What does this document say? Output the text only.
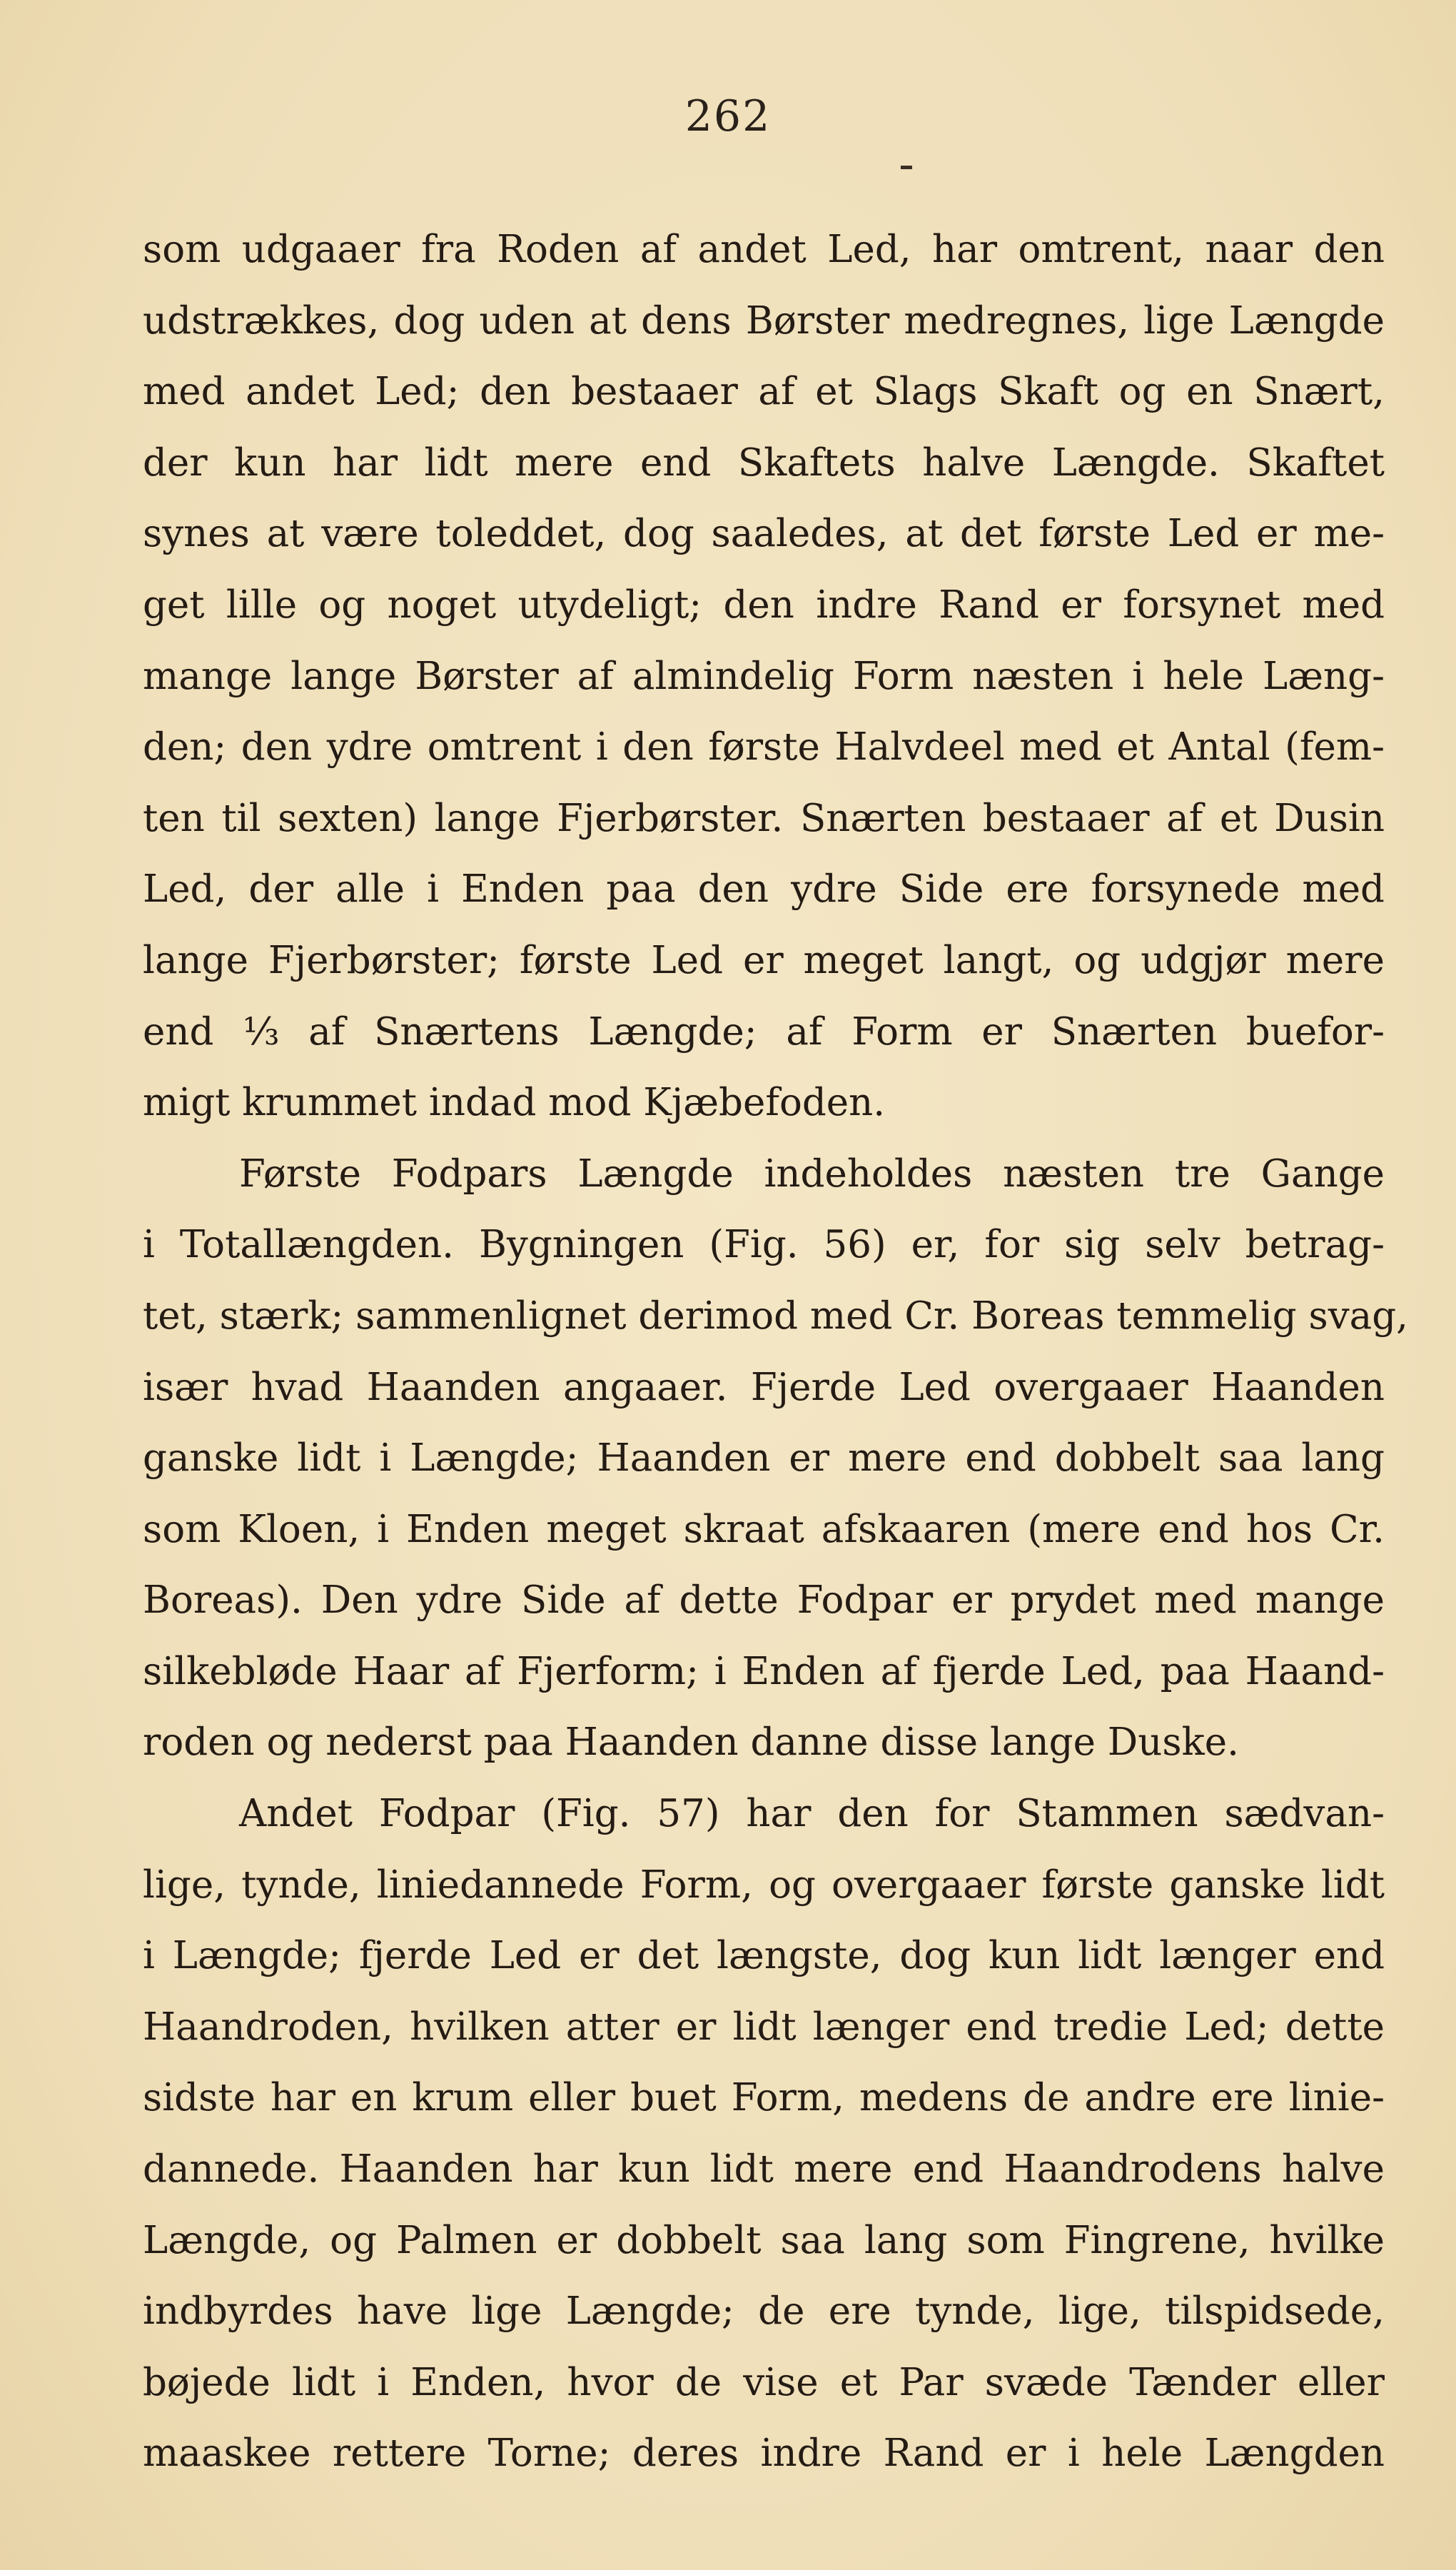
262
som udgaaer fra Roden af andet Led, har omtrent, naar den
udstrækkes, dog uden at dens Børster medregnes, lige Længde
med andet Led; den bestaaer af et Slags Skaft og en Snært,
der kun har lidt mere end Skaftets halve Længde. Skaftet
synes at være toleddet, dog saaledes, at det første Led er me-
get lille og noget utydeligt; den indre Rand er forsynet med
mange lange Børster af almindelig Form næsten i hele Læng-
den; den ydre omtrent i den første Halvdeel med et Antal (fem-
ten til sexten) lange Fjerbørster. Snærten bestaaer af et Dusin
Led, der alle i Enden paa den ydre Side ere forsynede med
lange Fjerbørster; første Led er meget langt, og udgjør mere
end ⅓ af Snærtens Længde; af Form er Snærten buefor-
migt krummet indad mod Kjæbefoden.
Første Fodpars Længde indeholdes næsten tre Gange
i Totallængden. Bygningen (Fig. 56) er, for sig selv betrag-
tet, stærk; sammenlignet derimod med Cr. Boreas temmelig svag,
især hvad Haanden angaaer. Fjerde Led overgaaer Haanden
ganske lidt i Længde; Haanden er mere end dobbelt saa lang
som Kloen, i Enden meget skraat afskaaren (mere end hos Cr.
Boreas). Den ydre Side af dette Fodpar er prydet med mange
silkebløde Haar af Fjerform; i Enden af fjerde Led, paa Haand-
roden og nederst paa Haanden danne disse lange Duske.
Andet Fodpar (Fig. 57) har den for Stammen sædvan-
lige, tynde, liniedannede Form, og overgaaer første ganske lidt
i Længde; fjerde Led er det længste, dog kun lidt længer end
Haandroden, hvilken atter er lidt længer end tredie Led; dette
sidste har en krum eller buet Form, medens de andre ere linie-
dannede. Haanden har kun lidt mere end Haandrodens halve
Længde, og Palmen er dobbelt saa lang som Fingrene, hvilke
indbyrdes have lige Længde; de ere tynde, lige, tilspidsede,
bøjede lidt i Enden, hvor de vise et Par svæde Tænder eller
maaskee rettere Torne; deres indre Rand er i hele Længden
